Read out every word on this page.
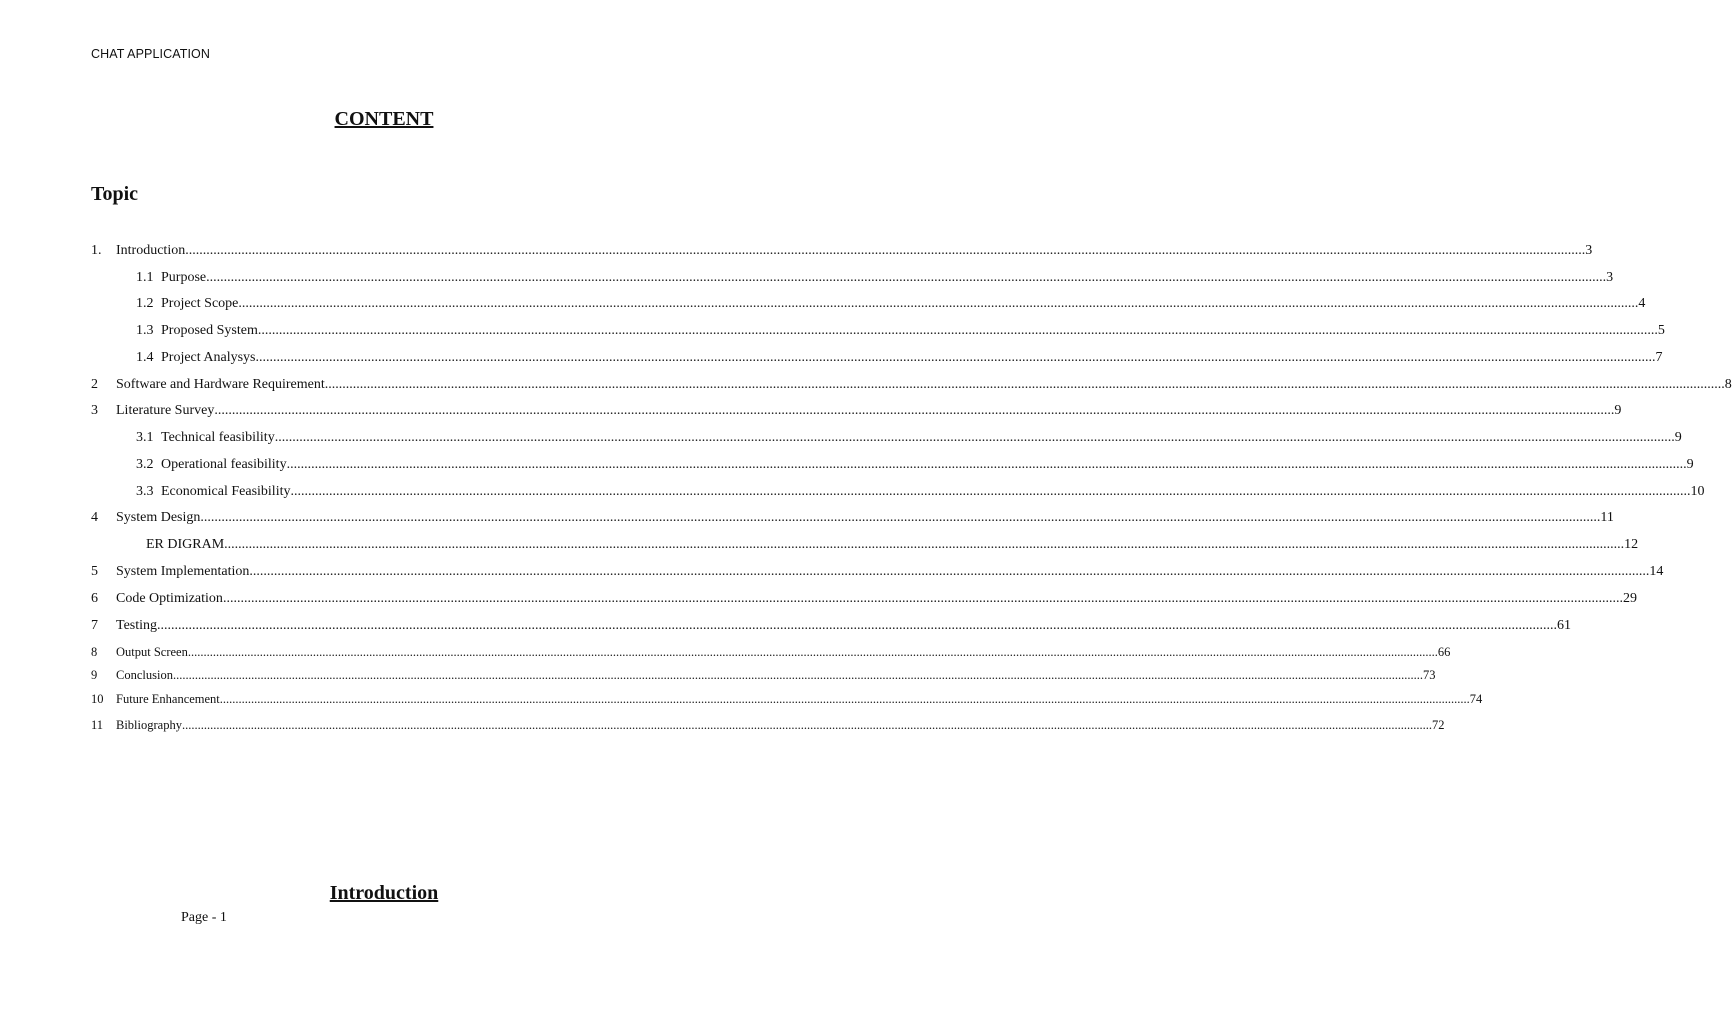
CHAT APPLICATION
CONTENT
Topic
1.	Introduction ................................................................................................................................................................................................................................................................................................................................................................................................................ 3
1.1 Purpose ................................................................................................................................................................................................................................................................................................................................................................................................................ 3
1.2 Project Scope ................................................................................................................................................................................................................................................................................................................................................................................................................ 4
1.3 Proposed System ................................................................................................................................................................................................................................................................................................................................................................................................................ 5
1.4 Project Analysys ................................................................................................................................................................................................................................................................................................................................................................................................................ 7
2	Software and Hardware Requirement ................................................................................................................................................................................................................................................................................................................................................................................................................ 8
3	Literature Survey ................................................................................................................................................................................................................................................................................................................................................................................................................ 9
3.1 Technical feasibility ................................................................................................................................................................................................................................................................................................................................................................................................................ 9
3.2 Operational feasibility ................................................................................................................................................................................................................................................................................................................................................................................................................ 9
3.3 Economical Feasibility ................................................................................................................................................................................................................................................................................................................................................................................................................ 10
4	System Design ................................................................................................................................................................................................................................................................................................................................................................................................................ 11
ER DIGRAM ................................................................................................................................................................................................................................................................................................................................................................................................................ 12
5	System Implementation ................................................................................................................................................................................................................................................................................................................................................................................................................ 14
6	Code Optimization ................................................................................................................................................................................................................................................................................................................................................................................................................ 29
7	Testing ................................................................................................................................................................................................................................................................................................................................................................................................................ 61
8	Output Screen ................................................................................................................................................................................................................................................................................................................................................................................................................ 66
9	Conclusion ................................................................................................................................................................................................................................................................................................................................................................................................................ 73
10	Future Enhancement ................................................................................................................................................................................................................................................................................................................................................................................................................ 74
11	Bibliography ................................................................................................................................................................................................................................................................................................................................................................................................................ 72
Introduction
Page - 1
